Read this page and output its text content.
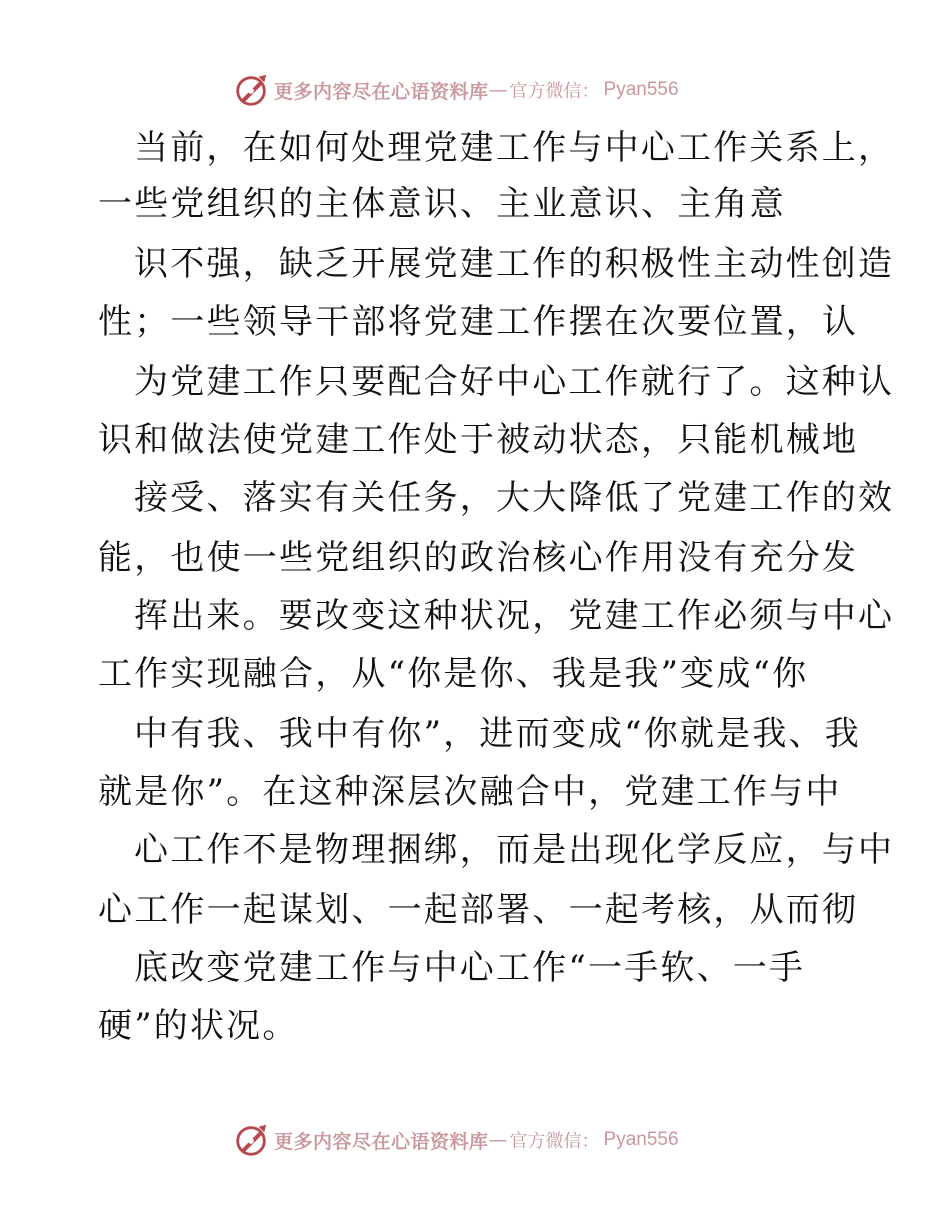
更多内容尽在心语资料库 — 官方微信： Pyan556
当前，在如何处理党建工作与中心工作关系上，
一些党组织的主体意识、主业意识、主角意
识不强，缺乏开展党建工作的积极性主动性创造
性；一些领导干部将党建工作摆在次要位置，认
为党建工作只要配合好中心工作就行了。这种认
识和做法使党建工作处于被动状态，只能机械地
接受、落实有关任务，大大降低了党建工作的效
能，也使一些党组织的政治核心作用没有充分发
挥出来。要改变这种状况，党建工作必须与中心
工作实现融合，从“你是你、我是我”变成“你
中有我、我中有你”，进而变成“你就是我、我
就是你”。在这种深层次融合中，党建工作与中
心工作不是物理捆绑，而是出现化学反应，与中
心工作一起谋划、一起部署、一起考核，从而彻
底改变党建工作与中心工作“一手软、一手
硬”的状况。
更多内容尽在心语资料库 — 官方微信： Pyan556
